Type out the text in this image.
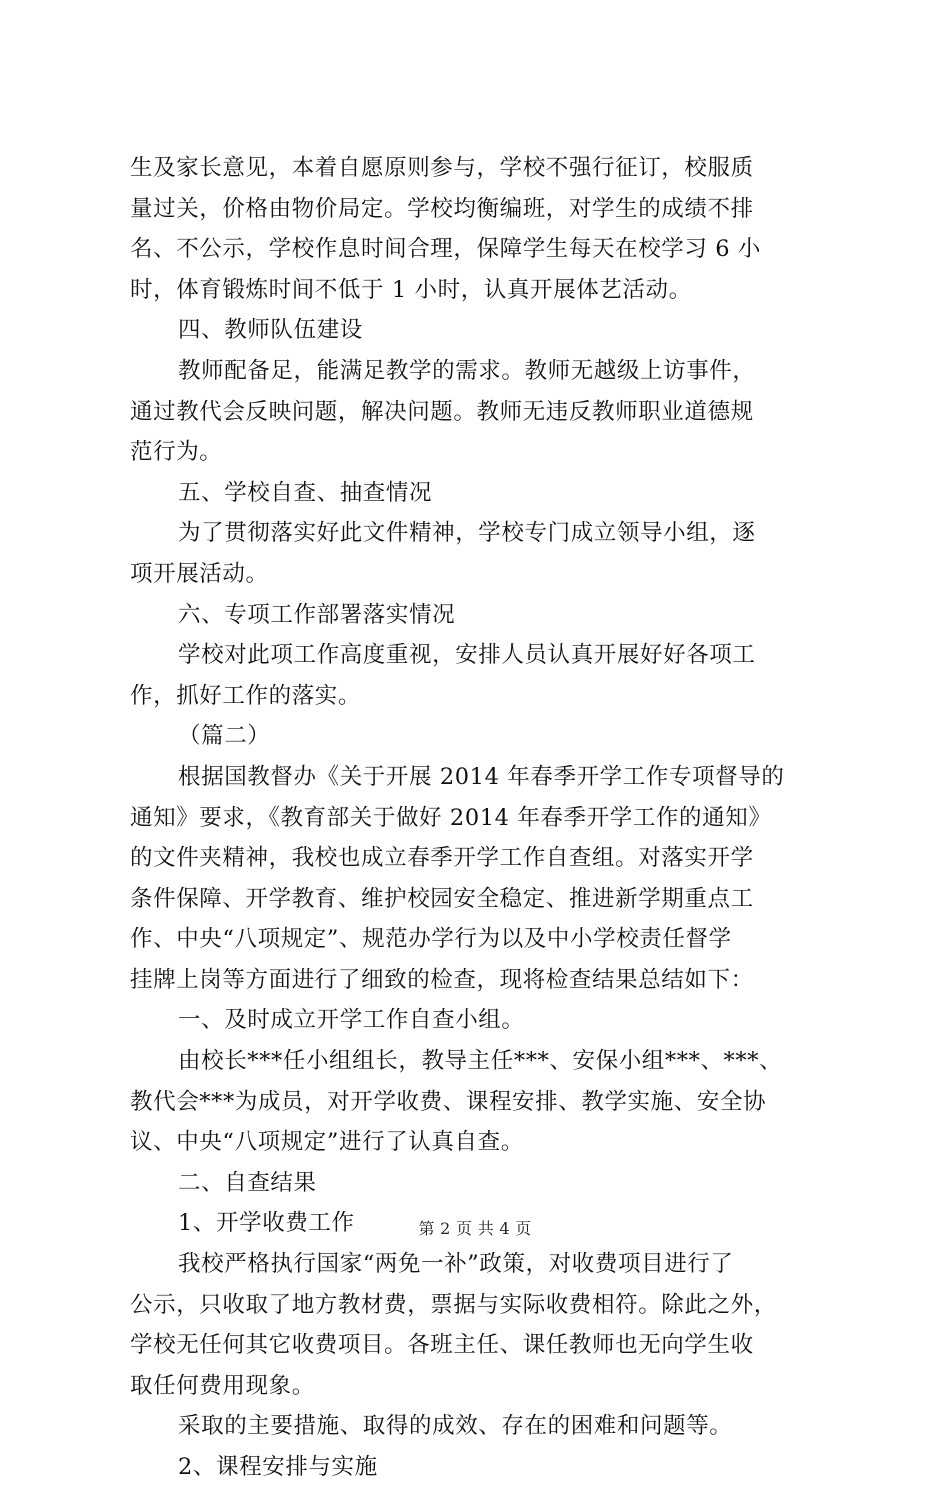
生及家长意见，本着自愿原则参与，学校不强行征订，校服质
量过关，价格由物价局定。学校均衡编班，对学生的成绩不排
名、不公示，学校作息时间合理，保障学生每天在校学习 6 小
时，体育锻炼时间不低于 1 小时，认真开展体艺活动。
四、教师队伍建设
教师配备足，能满足教学的需求。教师无越级上访事件，
通过教代会反映问题，解决问题。教师无违反教师职业道德规
范行为。
五、学校自查、抽查情况
为了贯彻落实好此文件精神，学校专门成立领导小组，逐
项开展活动。
六、专项工作部署落实情况
学校对此项工作高度重视，安排人员认真开展好好各项工
作，抓好工作的落实。
（篇二）
根据国教督办《关于开展 2014 年春季开学工作专项督导的
通知》要求，《教育部关于做好 2014 年春季开学工作的通知》
的文件夹精神，我校也成立春季开学工作自查组。对落实开学
条件保障、开学教育、维护校园安全稳定、推进新学期重点工
作、中央“八项规定”、规范办学行为以及中小学校责任督学
挂牌上岗等方面进行了细致的检查，现将检查结果总结如下：
一、及时成立开学工作自查小组。
由校长***任小组组长，教导主任***、安保小组***、***、
教代会***为成员，对开学收费、课程安排、教学实施、安全协
议、中央“八项规定”进行了认真自查。
二、自查结果
1、开学收费工作
我校严格执行国家“两免一补”政策，对收费项目进行了
公示，只收取了地方教材费，票据与实际收费相符。除此之外，
学校无任何其它收费项目。各班主任、课任教师也无向学生收
取任何费用现象。
采取的主要措施、取得的成效、存在的困难和问题等。
2、课程安排与实施
第 2 页 共 4 页
